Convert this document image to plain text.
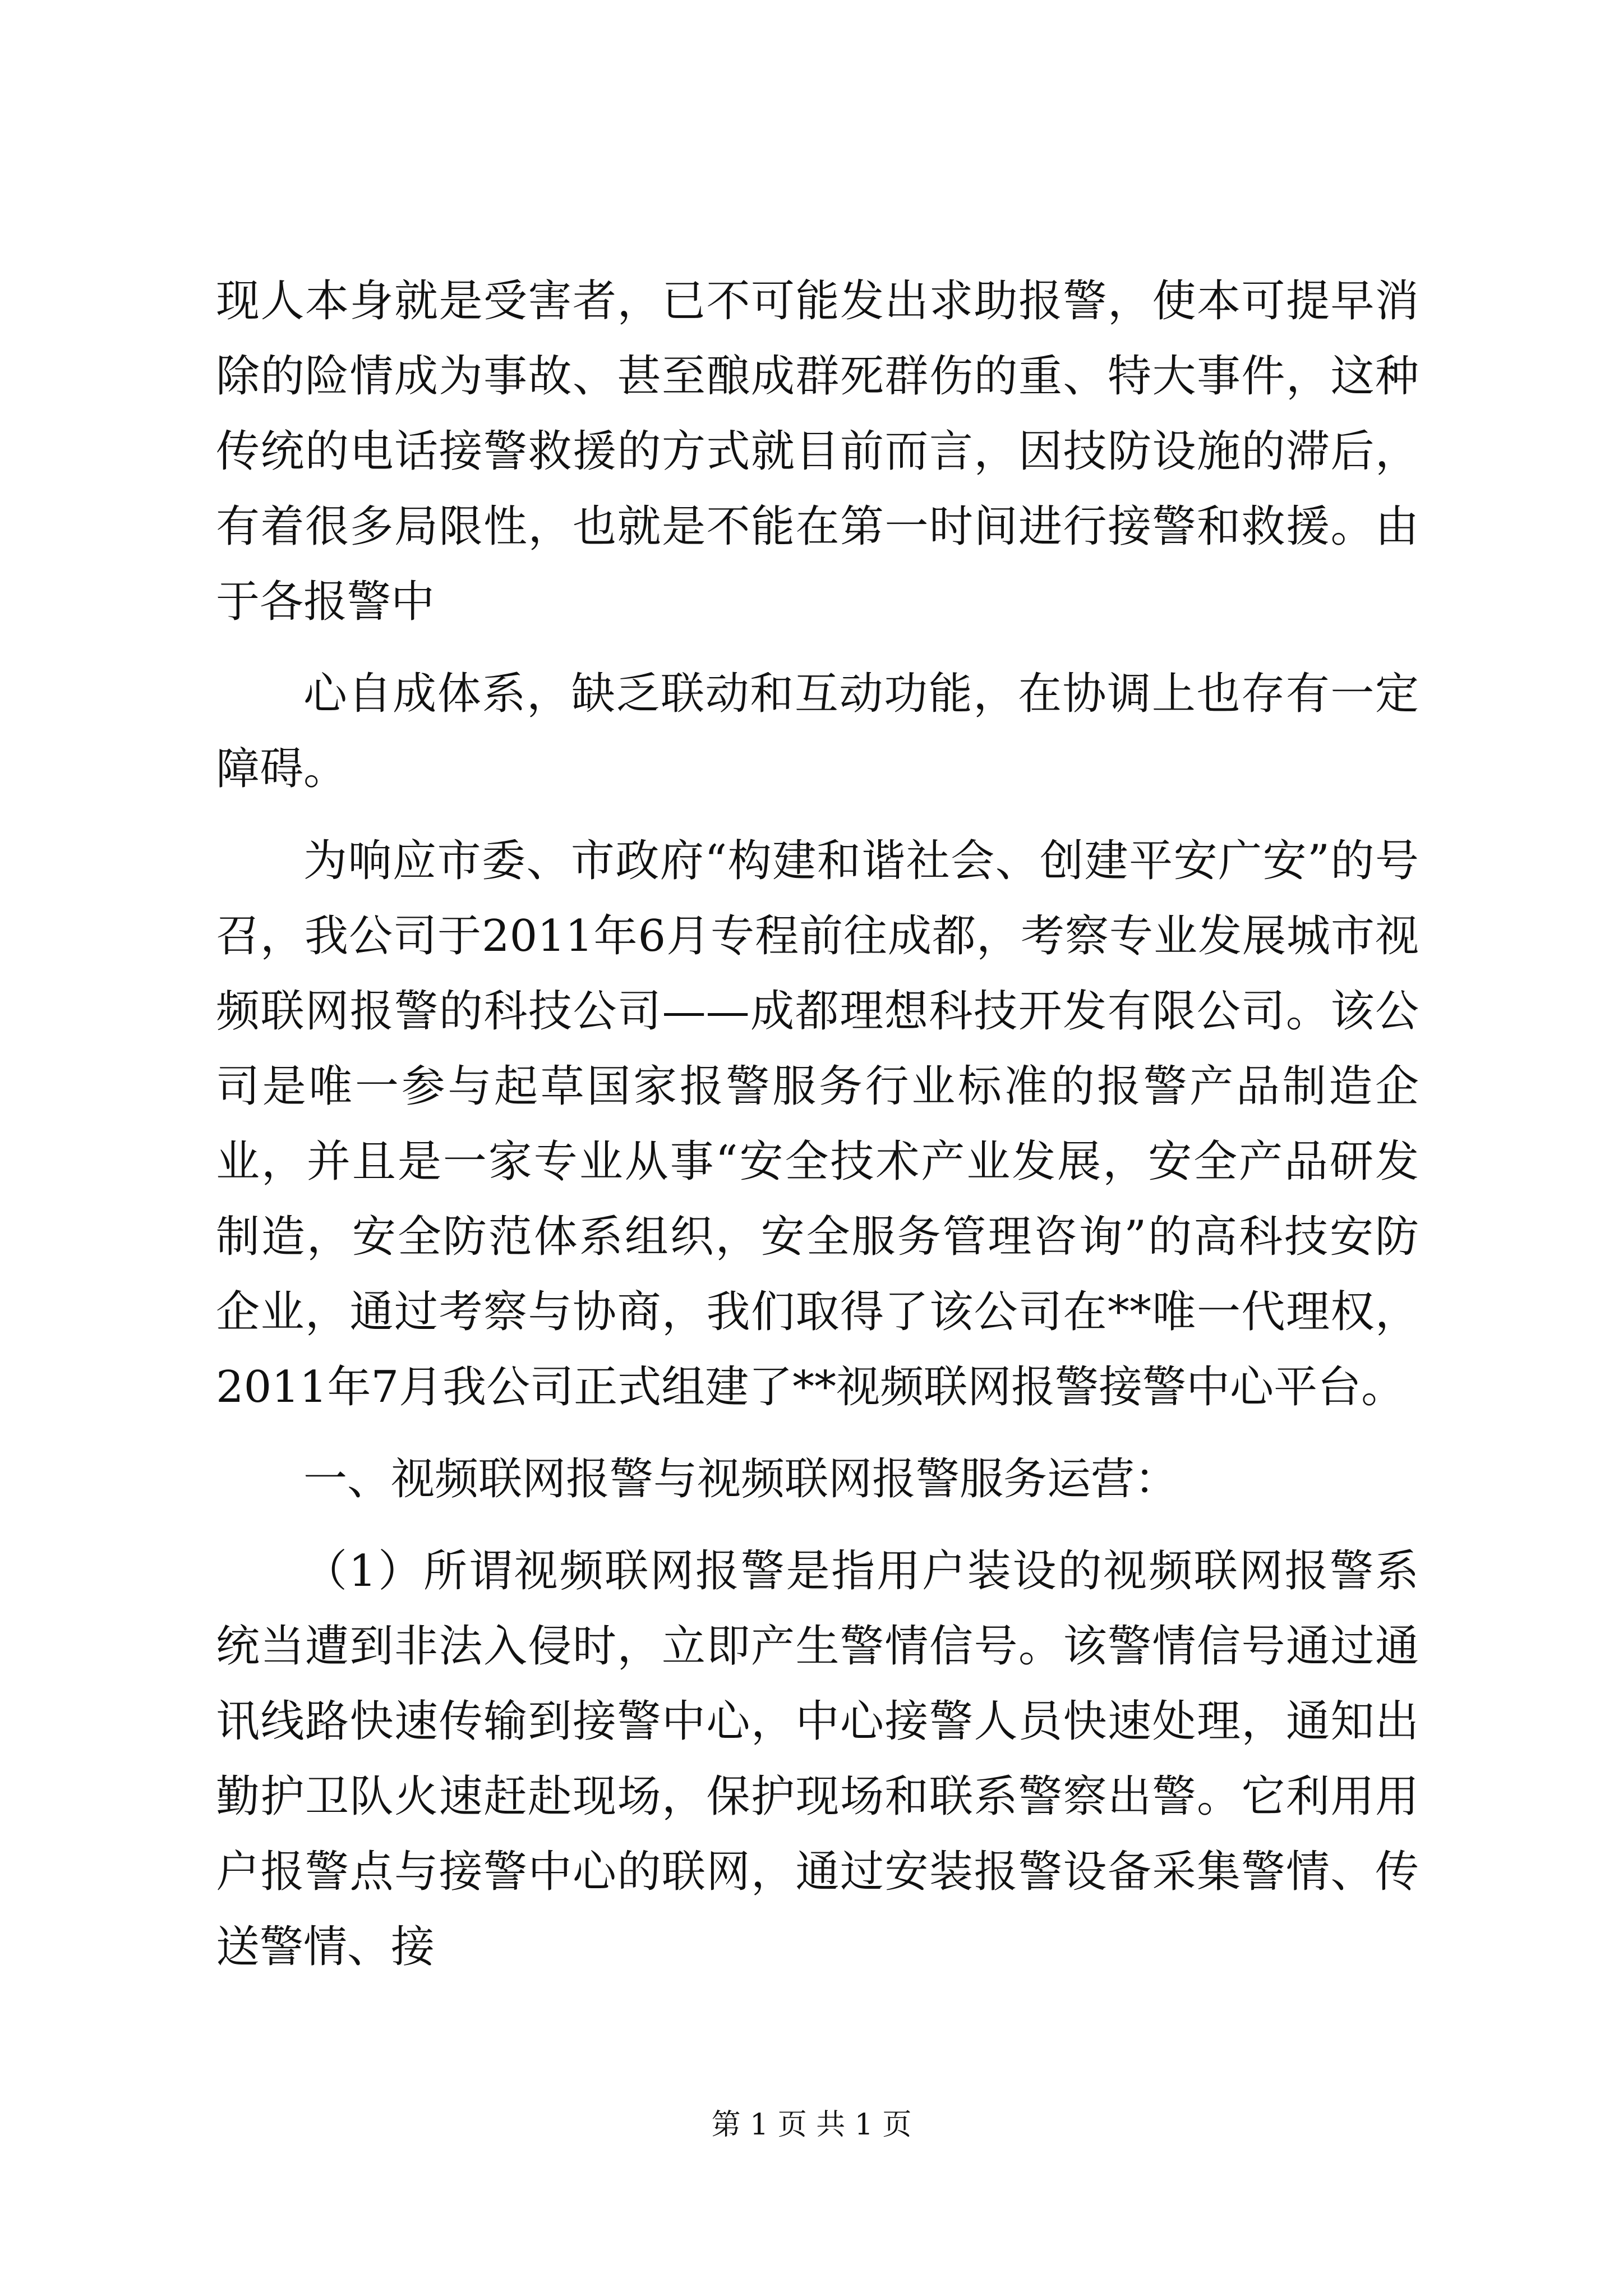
现人本身就是受害者，已不可能发出求助报警，使本可提早消除的险情成为事故、甚至酿成群死群伤的重、特大事件，这种传统的电话接警救援的方式就目前而言，因技防设施的滞后，有着很多局限性，也就是不能在第一时间进行接警和救援。由于各报警中

心自成体系，缺乏联动和互动功能，在协调上也存有一定障碍。

为响应市委、市政府“构建和谐社会、创建平安广安”的号召，我公司于2011年6月专程前往成都，考察专业发展城市视频联网报警的科技公司——成都理想科技开发有限公司。该公司是唯一参与起草国家报警服务行业标准的报警产品制造企业，并且是一家专业从事“安全技术产业发展，安全产品研发制造，安全防范体系组织，安全服务管理咨询”的高科技安防企业，通过考察与协商，我们取得了该公司在**唯一代理权，2011年7月我公司正式组建了**视频联网报警接警中心平台。

一、视频联网报警与视频联网报警服务运营：

（1）所谓视频联网报警是指用户装设的视频联网报警系统当遭到非法入侵时，立即产生警情信号。该警情信号通过通讯线路快速传输到接警中心，中心接警人员快速处理，通知出勤护卫队火速赶赴现场，保护现场和联系警察出警。它利用用户报警点与接警中心的联网，通过安装报警设备采集警情、传送警情、接

第 1 页 共 1 页
